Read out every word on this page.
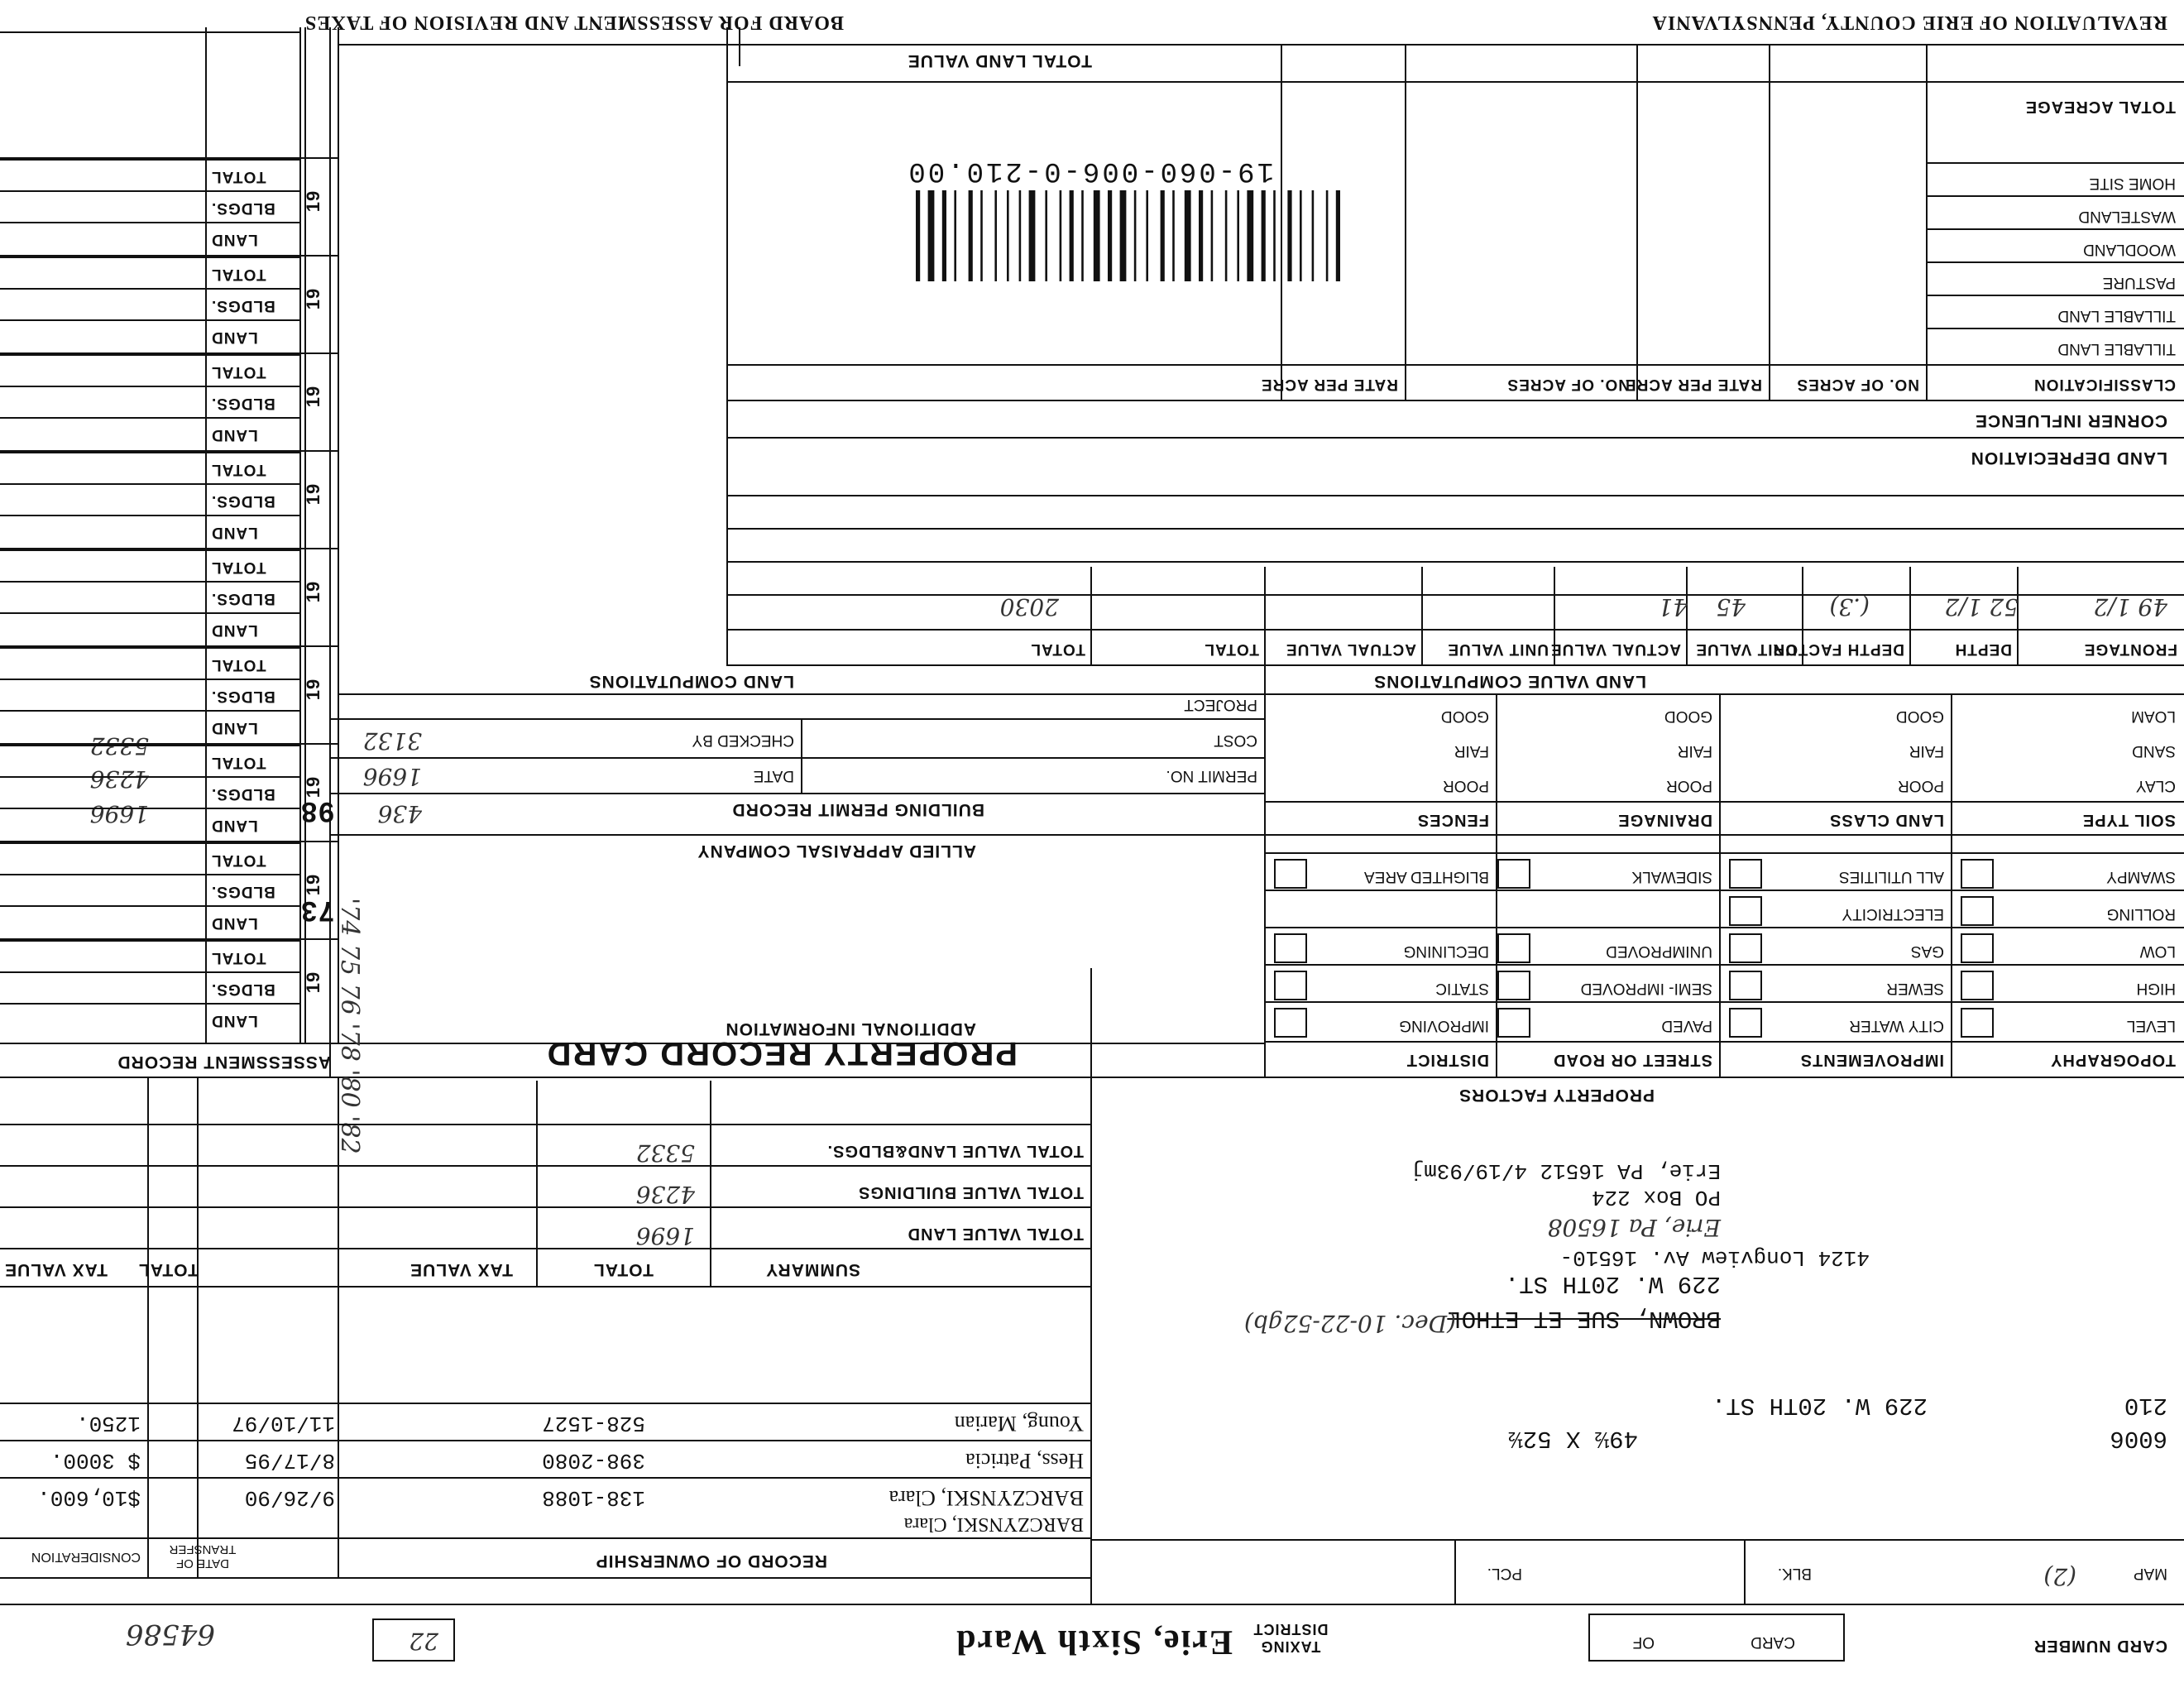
CARD NUMBER
CARD
OF
TAXING DISTRICT
Erie, Sixth Ward
22
64586
MAP
(2)
BLK.
PCL.
6006
49½ X 52½
210
229 W. 20TH ST.
BROWN, SUE ET ETHOL
(Dec. 10-22-52gb)
229 W. 20TH ST.
4124 Longview Av. 16510-
Erie, Pa 16508
PO Box 224
Erie, PA 16512 4/19/93mj
RECORD OF OWNERSHIP
DATE OF TRANSFER
CONSIDERATION
BARCZYNSKI, Clara
SUMMARY
TOTAL
TAX VALUE
TOTAL
TAX VALUE
PROPERTY FACTORS
PROPERTY RECORD CARD
ASSESSMENT RECORD
ADDITIONAL INFORMATION
ALLIED APPRAISAL COMPANY
BUILDING PERMIT RECORD
PERMIT NO.
DATE
COST
CHECKED BY
PROJECT
436
1696
3132
'74 75 76 '78 '80 '82
73
98
1696
4236
5332
LAND VALUE COMPUTATIONS
LAND COMPUTATIONS
LAND DEPRECIATION
CORNER INFLUENCE
19-060-006-0-210.00
TOTAL LAND VALUE
REVALUATION OF ERIE COUNTY, PENNSYLVANIA
BOARD FOR ASSESSMENT AND REVISION OF TAXES
BARCZYNSKI, Clara
138-1088
9/26/90
$10,600.
Hess, Patricia
398-2080
8/17/95
$ 3000.
Young, Marian
528-1527
11/10/97
1250.
TOTAL VALUE LAND
1696
TOTAL VALUE BUILDINGS
4236
TOTAL VALUE LAND&BLDGS.
5332
TOPOGRAPHY
IMPROVEMENTS
STREET OR ROAD
DISTRICT
LEVEL
CITY WATER
PAVED
IMPROVING
HIGH
SEWER
SEMI- IMPROVED
STATIC
LOW
GAS
UNIMPROVED
DECLINING
ROLLING
ELECTRICITY
SWAMPY
ALL UTILITIES
SIDEWALK
BLIGHTED AREA
SOIL TYPE
LAND CLASS
DRAINAGE
FENCES
CLAY
POOR
POOR
POOR
SAND
FAIR
FAIR
FAIR
LOAM
GOOD
GOOD
GOOD
FRONTAGE
DEPTH
DEPTH FACTOR
UNIT VALUE
ACTUAL VALUE
UNIT VALUE
ACTUAL VALUE
TOTAL
TOTAL
49 1/2
52 1/2
(.3)
45
41
2030
CLASSIFICATION
NO. OF ACRES
RATE PER ACRE
NO. OF ACRES
RATE PER ACRE
TILLABLE LAND
TILLABLE LAND
PASTURE
WOODLAND
WASTELAND
HOME SITE
TOTAL ACREAGE
LAND
BLDGS.
TOTAL
19
LAND
BLDGS.
TOTAL
19
LAND
BLDGS.
TOTAL
19
LAND
BLDGS.
TOTAL
19
LAND
BLDGS.
TOTAL
19
LAND
BLDGS.
TOTAL
19
LAND
BLDGS.
TOTAL
19
LAND
BLDGS.
TOTAL
19
LAND
BLDGS.
TOTAL
19
